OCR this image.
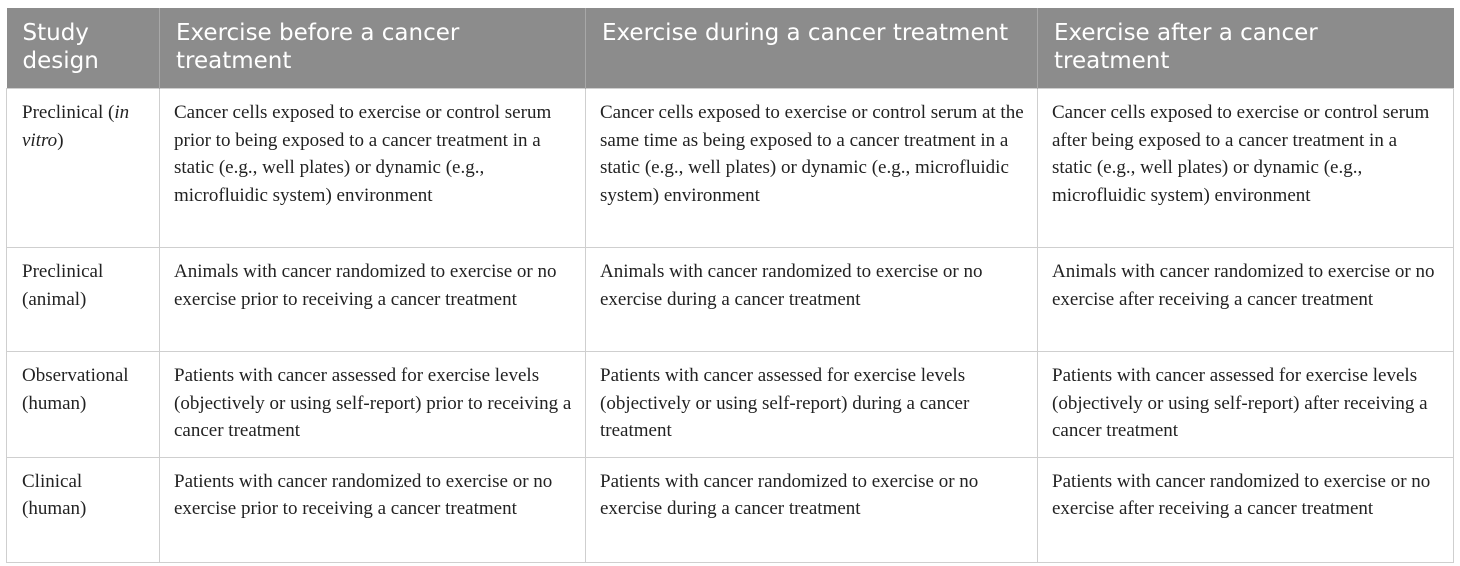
Study design	Exercise before a cancer treatment	Exercise during a cancer treatment	Exercise after a cancer treatment
Preclinical (in vitro)	Cancer cells exposed to exercise or control serum prior to being exposed to a cancer treatment in a static (e.g., well plates) or dynamic (e.g., microfluidic system) environment	Cancer cells exposed to exercise or control serum at the same time as being exposed to a cancer treatment in a static (e.g., well plates) or dynamic (e.g., microfluidic system) environment	Cancer cells exposed to exercise or control serum after being exposed to a cancer treatment in a static (e.g., well plates) or dynamic (e.g., microfluidic system) environment
Preclinical (animal)	Animals with cancer randomized to exercise or no exercise prior to receiving a cancer treatment	Animals with cancer randomized to exercise or no exercise during a cancer treatment	Animals with cancer randomized to exercise or no exercise after receiving a cancer treatment
Observational (human)	Patients with cancer assessed for exercise levels (objectively or using self-report) prior to receiving a cancer treatment	Patients with cancer assessed for exercise levels (objectively or using self-report) during a cancer treatment	Patients with cancer assessed for exercise levels (objectively or using self-report) after receiving a cancer treatment
Clinical (human)	Patients with cancer randomized to exercise or no exercise prior to receiving a cancer treatment	Patients with cancer randomized to exercise or no exercise during a cancer treatment	Patients with cancer randomized to exercise or no exercise after receiving a cancer treatment
